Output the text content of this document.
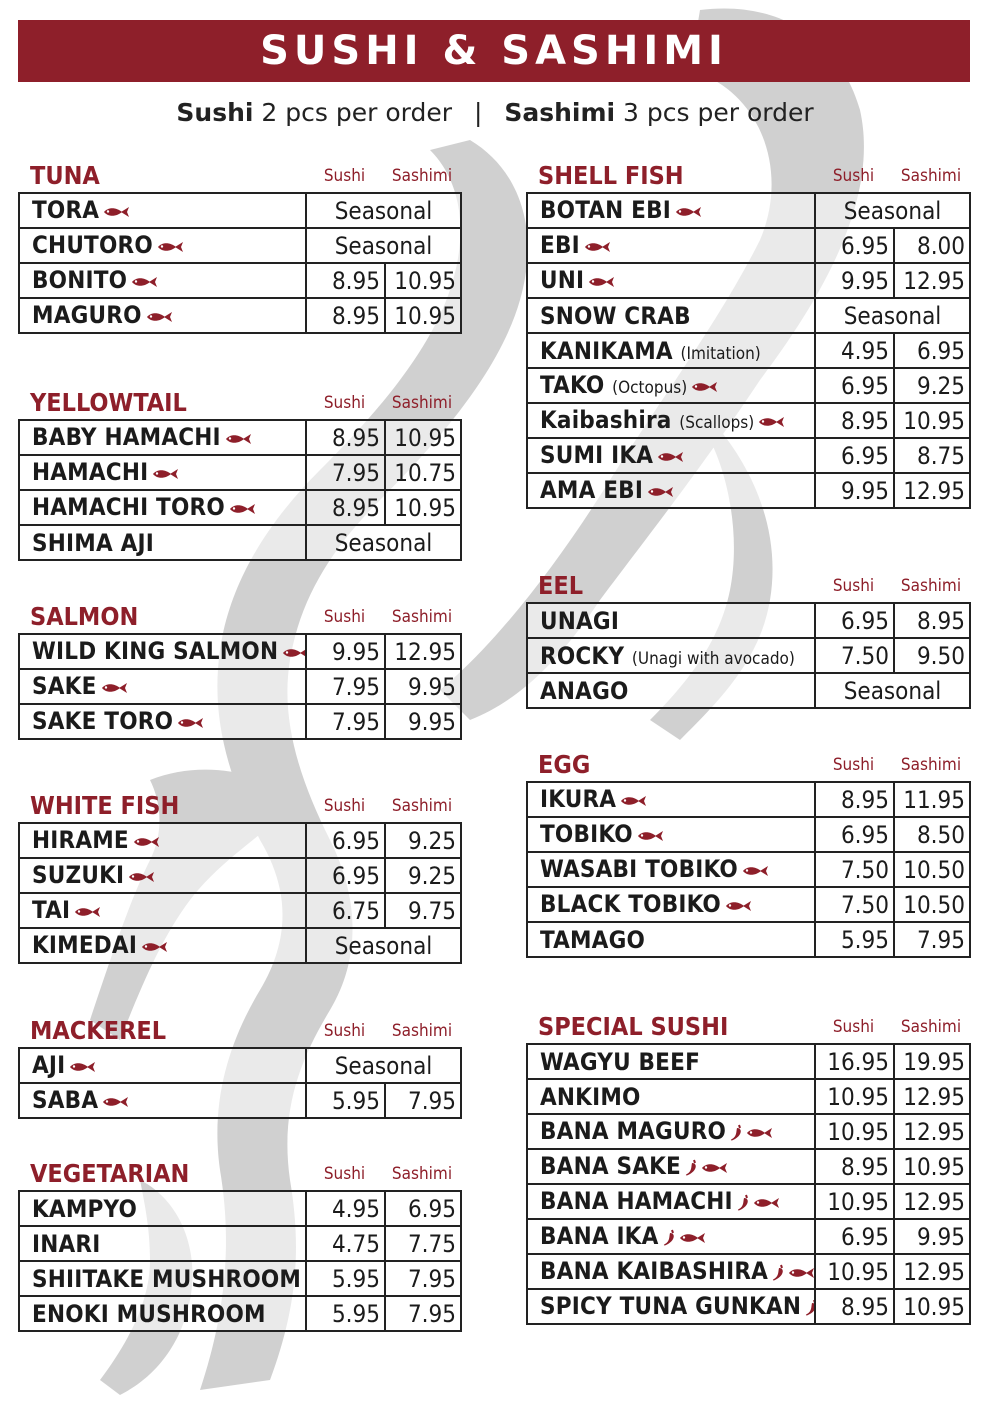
SUSHI & SASHIMI
Sushi 2 pcs per order | Sashimi 3 pcs per order
TUNA	Sushi	Sashimi
TORA	Seasonal	
CHUTORO	Seasonal	
BONITO	8.95	10.95
MAGURO	8.95	10.95
YELLOWTAIL	Sushi	Sashimi
BABY HAMACHI	8.95	10.95
HAMACHI	7.95	10.75
HAMACHI TORO	8.95	10.95
SHIMA AJI	Seasonal	
SALMON	Sushi	Sashimi
WILD KING SALMON	9.95	12.95
SAKE	7.95	9.95
SAKE TORO	7.95	9.95
WHITE FISH	Sushi	Sashimi
HIRAME	6.95	9.25
SUZUKI	6.95	9.25
TAI	6.75	9.75
KIMEDAI	Seasonal	
MACKEREL	Sushi	Sashimi
AJI	Seasonal	
SABA	5.95	7.95
VEGETARIAN	Sushi	Sashimi
KAMPYO	4.95	6.95
INARI	4.75	7.75
SHIITAKE MUSHROOM	5.95	7.95
ENOKI MUSHROOM	5.95	7.95
SHELL FISH	Sushi	Sashimi
BOTAN EBI	Seasonal	
EBI	6.95	8.00
UNI	9.95	12.95
SNOW CRAB	Seasonal	
KANIKAMA (Imitation)	4.95	6.95
TAKO (Octopus)	6.95	9.25
Kaibashira (Scallops)	8.95	10.95
SUMI IKA	6.95	8.75
AMA EBI	9.95	12.95
EEL	Sushi	Sashimi
UNAGI	6.95	8.95
ROCKY (Unagi with avocado)	7.50	9.50
ANAGO	Seasonal	
EGG	Sushi	Sashimi
IKURA	8.95	11.95
TOBIKO	6.95	8.50
WASABI TOBIKO	7.50	10.50
BLACK TOBIKO	7.50	10.50
TAMAGO	5.95	7.95
SPECIAL SUSHI	Sushi	Sashimi
WAGYU BEEF	16.95	19.95
ANKIMO	10.95	12.95
BANA MAGURO	10.95	12.95
BANA SAKE	8.95	10.95
BANA HAMACHI	10.95	12.95
BANA IKA	6.95	9.95
BANA KAIBASHIRA	10.95	12.95
SPICY TUNA GUNKAN	8.95	10.95
